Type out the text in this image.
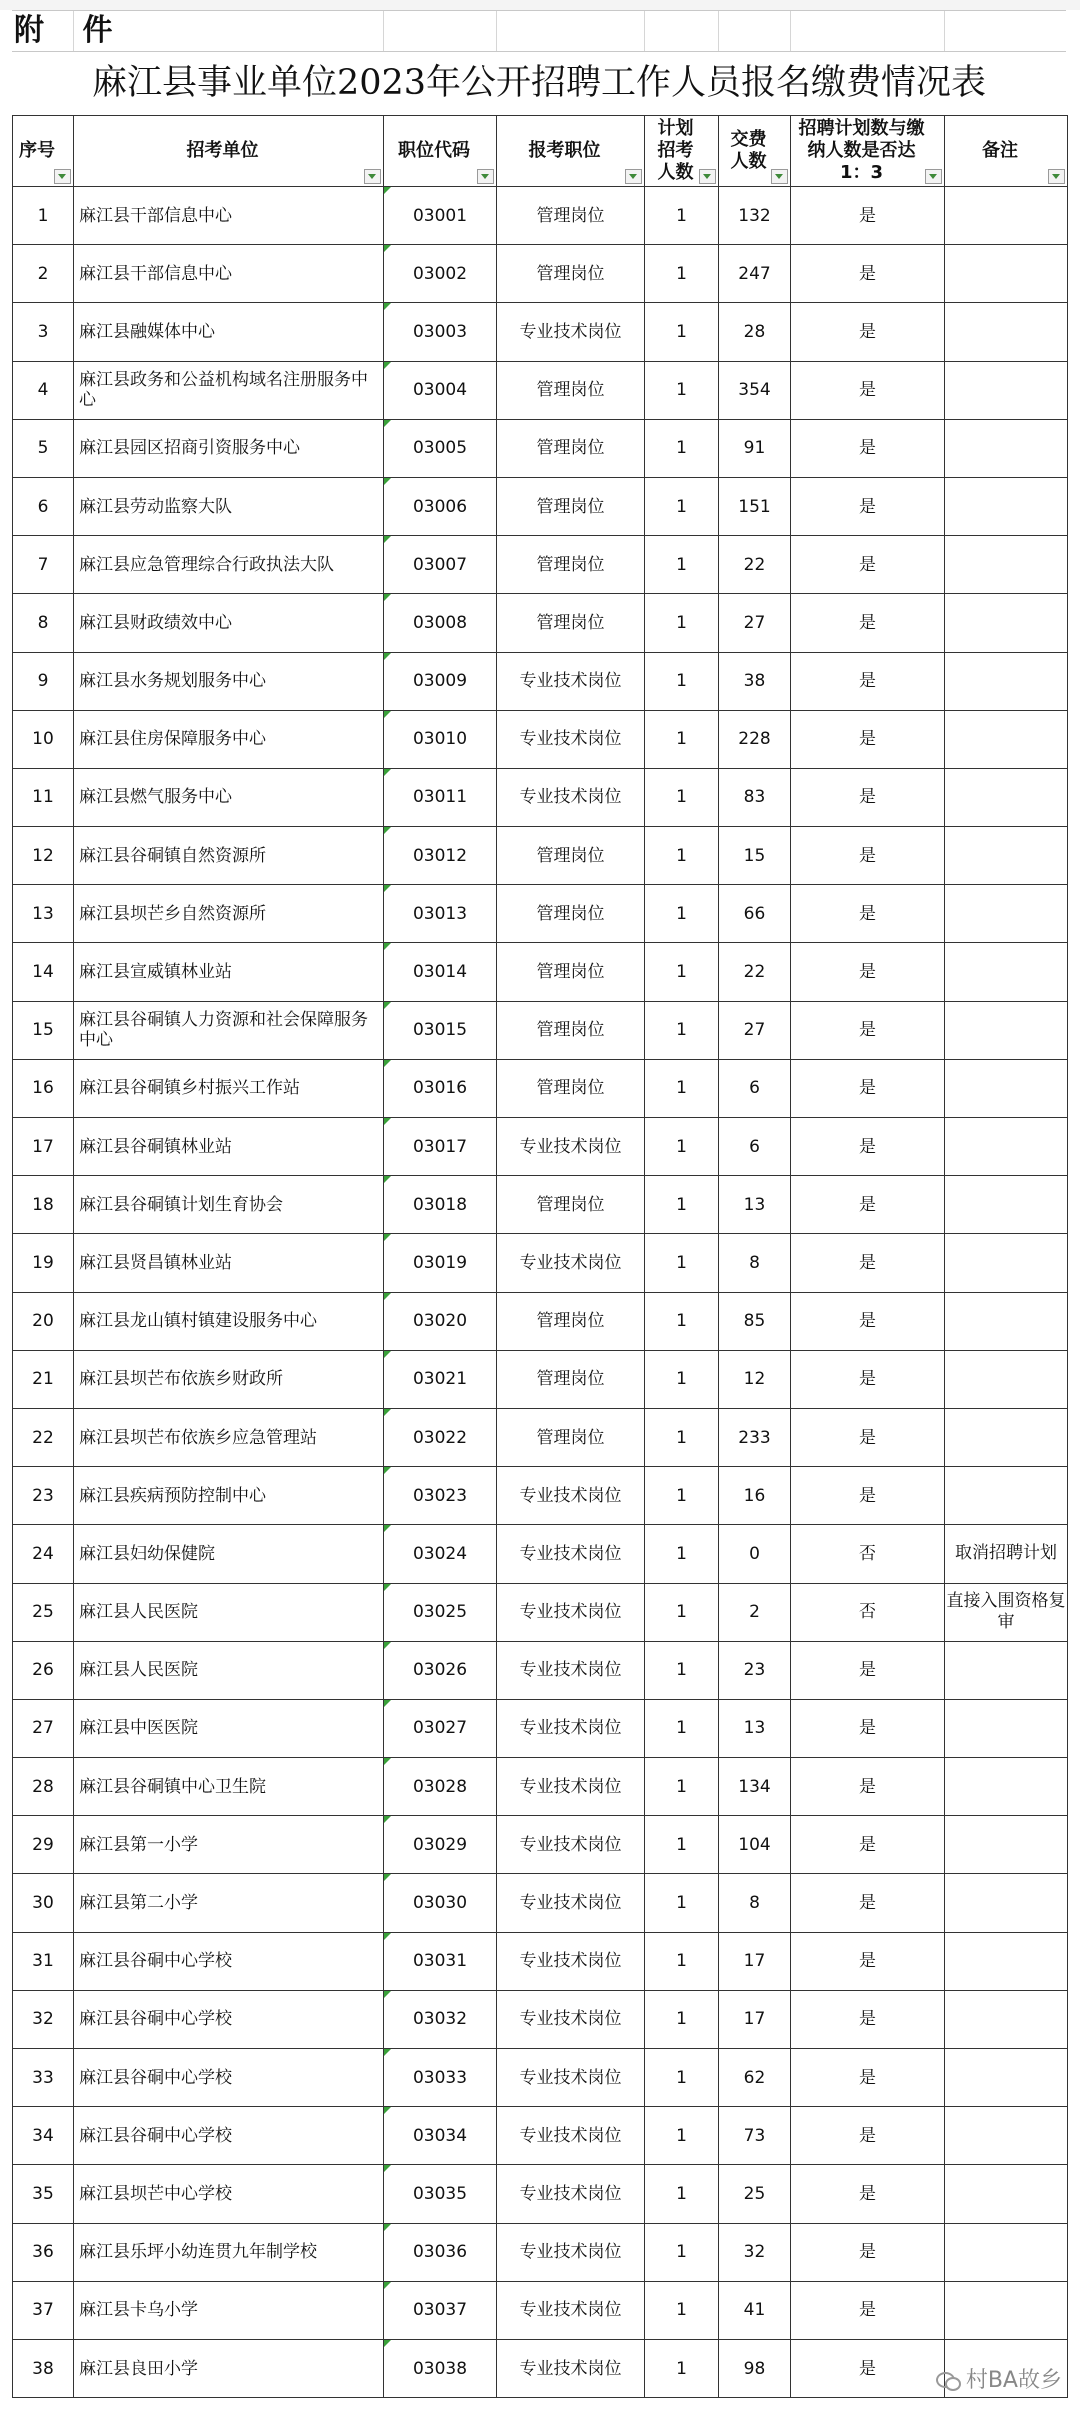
附 件
麻江县事业单位2023年公开招聘工作人员报名缴费情况表
序号	招考单位	职位代码	报考职位	计划招考人数	交费人数	招聘计划数与缴纳人数是否达1：3	备注

1	麻江县干部信息中心	03001	管理岗位	1	132	是	
2	麻江县干部信息中心	03002	管理岗位	1	247	是	
3	麻江县融媒体中心	03003	专业技术岗位	1	28	是	
4	麻江县政务和公益机构域名注册服务中心	03004	管理岗位	1	354	是	
5	麻江县园区招商引资服务中心	03005	管理岗位	1	91	是	
6	麻江县劳动监察大队	03006	管理岗位	1	151	是	
7	麻江县应急管理综合行政执法大队	03007	管理岗位	1	22	是	
8	麻江县财政绩效中心	03008	管理岗位	1	27	是	
9	麻江县水务规划服务中心	03009	专业技术岗位	1	38	是	
10	麻江县住房保障服务中心	03010	专业技术岗位	1	228	是	
11	麻江县燃气服务中心	03011	专业技术岗位	1	83	是	
12	麻江县谷硐镇自然资源所	03012	管理岗位	1	15	是	
13	麻江县坝芒乡自然资源所	03013	管理岗位	1	66	是	
14	麻江县宣威镇林业站	03014	管理岗位	1	22	是	
15	麻江县谷硐镇人力资源和社会保障服务中心	03015	管理岗位	1	27	是	
16	麻江县谷硐镇乡村振兴工作站	03016	管理岗位	1	6	是	
17	麻江县谷硐镇林业站	03017	专业技术岗位	1	6	是	
18	麻江县谷硐镇计划生育协会	03018	管理岗位	1	13	是	
19	麻江县贤昌镇林业站	03019	专业技术岗位	1	8	是	
20	麻江县龙山镇村镇建设服务中心	03020	管理岗位	1	85	是	
21	麻江县坝芒布依族乡财政所	03021	管理岗位	1	12	是	
22	麻江县坝芒布依族乡应急管理站	03022	管理岗位	1	233	是	
23	麻江县疾病预防控制中心	03023	专业技术岗位	1	16	是	
24	麻江县妇幼保健院	03024	专业技术岗位	1	0	否	取消招聘计划
25	麻江县人民医院	03025	专业技术岗位	1	2	否	直接入围资格复审
26	麻江县人民医院	03026	专业技术岗位	1	23	是	
27	麻江县中医医院	03027	专业技术岗位	1	13	是	
28	麻江县谷硐镇中心卫生院	03028	专业技术岗位	1	134	是	
29	麻江县第一小学	03029	专业技术岗位	1	104	是	
30	麻江县第二小学	03030	专业技术岗位	1	8	是	
31	麻江县谷硐中心学校	03031	专业技术岗位	1	17	是	
32	麻江县谷硐中心学校	03032	专业技术岗位	1	17	是	
33	麻江县谷硐中心学校	03033	专业技术岗位	1	62	是	
34	麻江县谷硐中心学校	03034	专业技术岗位	1	73	是	
35	麻江县坝芒中心学校	03035	专业技术岗位	1	25	是	
36	麻江县乐坪小幼连贯九年制学校	03036	专业技术岗位	1	32	是	
37	麻江县卡乌小学	03037	专业技术岗位	1	41	是	
38	麻江县良田小学	03038	专业技术岗位	1	98	是		村BA故乡
